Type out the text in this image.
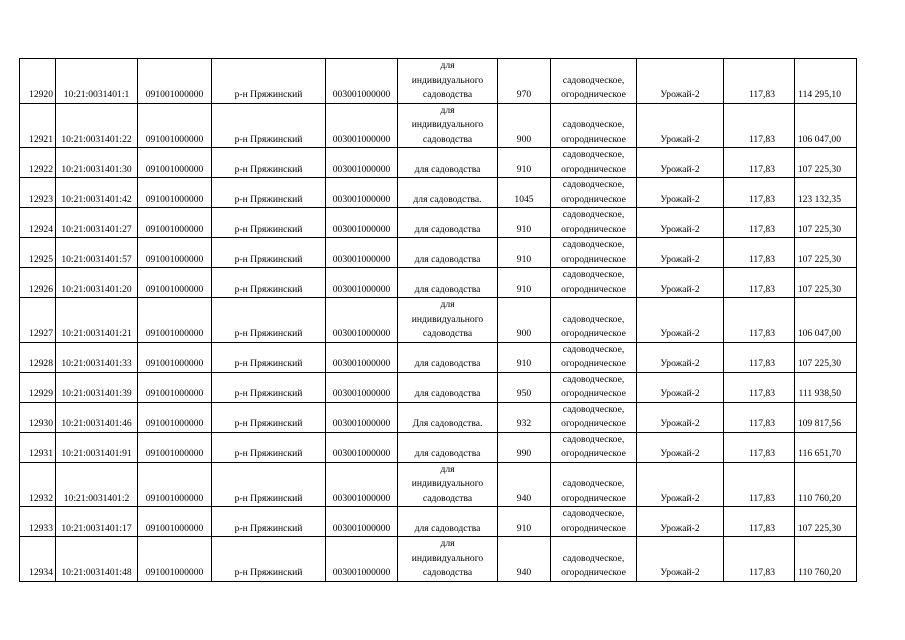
12920	10:21:0031401:1	091001000000	р-н Пряжинский	003001000000	для
индивидуального
садоводства	970	садоводческое,
огородническое	Урожай-2	117,83	114 295,10
12921	10:21:0031401:22	091001000000	р-н Пряжинский	003001000000	для
индивидуального
садоводства	900	садоводческое,
огородническое	Урожай-2	117,83	106 047,00
12922	10:21:0031401:30	091001000000	р-н Пряжинский	003001000000	для садоводства	910	садоводческое,
огородническое	Урожай-2	117,83	107 225,30
12923	10:21:0031401:42	091001000000	р-н Пряжинский	003001000000	для садоводства.	1045	садоводческое,
огородническое	Урожай-2	117,83	123 132,35
12924	10:21:0031401:27	091001000000	р-н Пряжинский	003001000000	для садоводства	910	садоводческое,
огородническое	Урожай-2	117,83	107 225,30
12925	10:21:0031401:57	091001000000	р-н Пряжинский	003001000000	для садоводства	910	садоводческое,
огородническое	Урожай-2	117,83	107 225,30
12926	10:21:0031401:20	091001000000	р-н Пряжинский	003001000000	для садоводства	910	садоводческое,
огородническое	Урожай-2	117,83	107 225,30
12927	10:21:0031401:21	091001000000	р-н Пряжинский	003001000000	для
индивидуального
садоводства	900	садоводческое,
огородническое	Урожай-2	117,83	106 047,00
12928	10:21:0031401:33	091001000000	р-н Пряжинский	003001000000	для садоводства	910	садоводческое,
огородническое	Урожай-2	117,83	107 225,30
12929	10:21:0031401:39	091001000000	р-н Пряжинский	003001000000	для садоводства	950	садоводческое,
огородническое	Урожай-2	117,83	111 938,50
12930	10:21:0031401:46	091001000000	р-н Пряжинский	003001000000	Для садоводства.	932	садоводческое,
огородническое	Урожай-2	117,83	109 817,56
12931	10:21:0031401:91	091001000000	р-н Пряжинский	003001000000	для садоводства	990	садоводческое,
огородническое	Урожай-2	117,83	116 651,70
12932	10:21:0031401:2	091001000000	р-н Пряжинский	003001000000	для
индивидуального
садоводства	940	садоводческое,
огородническое	Урожай-2	117,83	110 760,20
12933	10:21:0031401:17	091001000000	р-н Пряжинский	003001000000	для садоводства	910	садоводческое,
огородническое	Урожай-2	117,83	107 225,30
12934	10:21:0031401:48	091001000000	р-н Пряжинский	003001000000	для
индивидуального
садоводства	940	садоводческое,
огородническое	Урожай-2	117,83	110 760,20
